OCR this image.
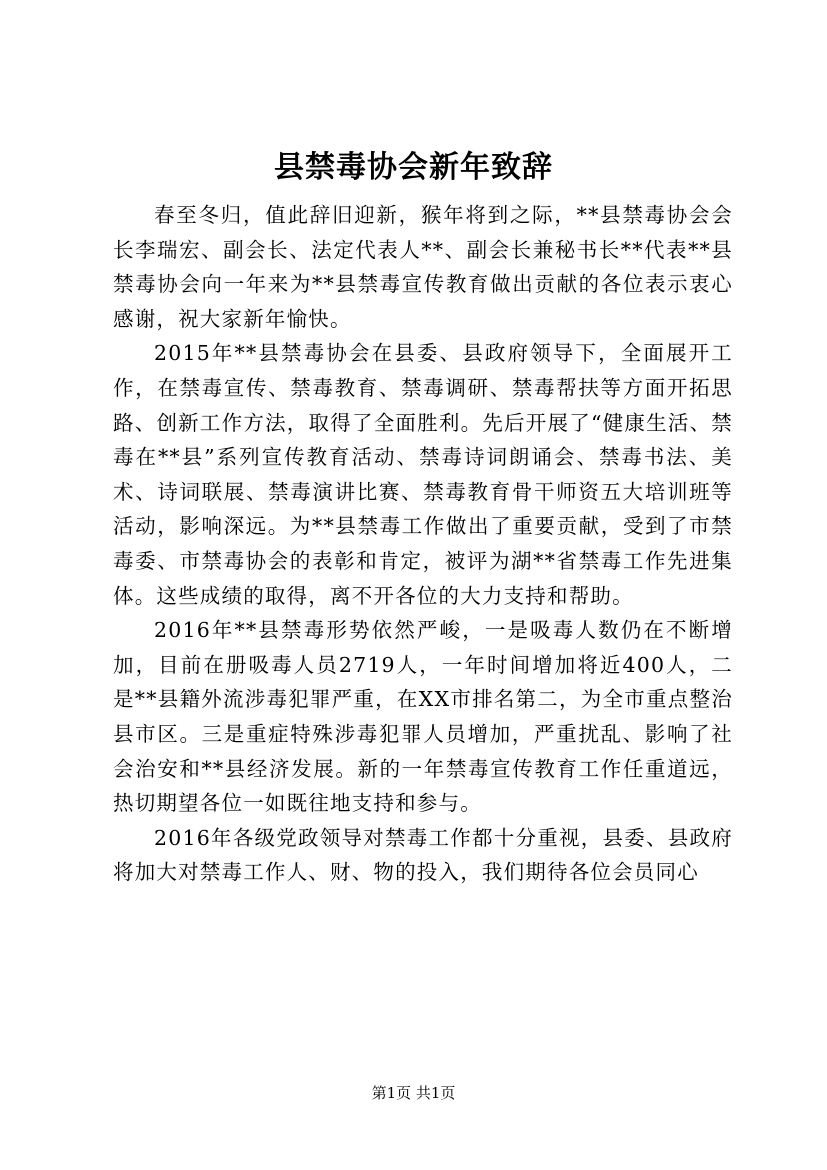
县禁毒协会新年致辞

春至冬归，值此辞旧迎新，猴年将到之际，**县禁毒协会会长李瑞宏、副会长、法定代表人**、副会长兼秘书长**代表**县禁毒协会向一年来为**县禁毒宣传教育做出贡献的各位表示衷心感谢，祝大家新年愉快。

2015年**县禁毒协会在县委、县政府领导下，全面展开工作，在禁毒宣传、禁毒教育、禁毒调研、禁毒帮扶等方面开拓思路、创新工作方法，取得了全面胜利。先后开展了“健康生活、禁毒在**县”系列宣传教育活动、禁毒诗词朗诵会、禁毒书法、美术、诗词联展、禁毒演讲比赛、禁毒教育骨干师资五大培训班等活动，影响深远。为**县禁毒工作做出了重要贡献，受到了市禁毒委、市禁毒协会的表彰和肯定，被评为湖**省禁毒工作先进集体。这些成绩的取得，离不开各位的大力支持和帮助。

2016年**县禁毒形势依然严峻，一是吸毒人数仍在不断增加，目前在册吸毒人员2719人，一年时间增加将近400人，二是**县籍外流涉毒犯罪严重，在XX市排名第二，为全市重点整治县市区。三是重症特殊涉毒犯罪人员增加，严重扰乱、影响了社会治安和**县经济发展。新的一年禁毒宣传教育工作任重道远，热切期望各位一如既往地支持和参与。

2016年各级党政领导对禁毒工作都十分重视，县委、县政府将加大对禁毒工作人、财、物的投入，我们期待各位会员同心

第1页 共1页
